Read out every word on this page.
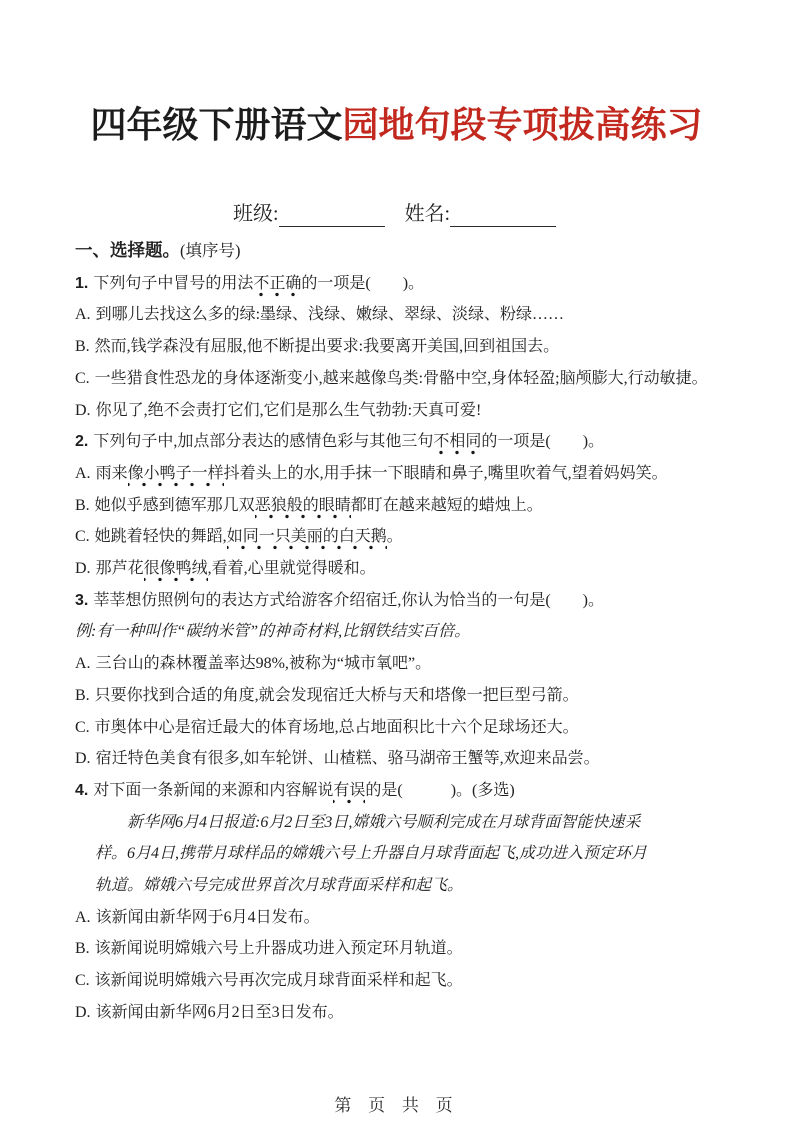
四年级下册语文园地句段专项拔高练习
班级:	姓名:

一、选择题。(填序号)

1. 下列句子中冒号的用法不正确的一项是(　　)。

A. 到哪儿去找这么多的绿:墨绿、浅绿、嫩绿、翠绿、淡绿、粉绿……

B. 然而,钱学森没有屈服,他不断提出要求:我要离开美国,回到祖国去。

C. 一些猎食性恐龙的身体逐渐变小,越来越像鸟类:骨骼中空,身体轻盈;脑颅膨大,行动敏捷。

D. 你见了,绝不会责打它们,它们是那么生气勃勃:天真可爱!

2. 下列句子中,加点部分表达的感情色彩与其他三句不相同的一项是(　　)。

A. 雨来像小鸭子一样抖着头上的水,用手抹一下眼睛和鼻子,嘴里吹着气,望着妈妈笑。

B. 她似乎感到德军那几双恶狼般的眼睛都盯在越来越短的蜡烛上。

C. 她跳着轻快的舞蹈,如同一只美丽的白天鹅。

D. 那芦花很像鸭绒,看着,心里就觉得暖和。

3. 莘莘想仿照例句的表达方式给游客介绍宿迁,你认为恰当的一句是(　　)。

例:有一种叫作“碳纳米管”的神奇材料,比钢铁结实百倍。

A. 三台山的森林覆盖率达98%,被称为“城市氧吧”。

B. 只要你找到合适的角度,就会发现宿迁大桥与天和塔像一把巨型弓箭。

C. 市奥体中心是宿迁最大的体育场地,总占地面积比十六个足球场还大。

D. 宿迁特色美食有很多,如车轮饼、山楂糕、骆马湖帝王蟹等,欢迎来品尝。

4. 对下面一条新闻的来源和内容解说有误的是(　　　)。(多选)

新华网6月4日报道:6月2日至3日,嫦娥六号顺利完成在月球背面智能快速采

样。6月4日,携带月球样品的嫦娥六号上升器自月球背面起飞,成功进入预定环月

轨道。嫦娥六号完成世界首次月球背面采样和起飞。

A. 该新闻由新华网于6月4日发布。

B. 该新闻说明嫦娥六号上升器成功进入预定环月轨道。

C. 该新闻说明嫦娥六号再次完成月球背面采样和起飞。

D. 该新闻由新华网6月2日至3日发布。

第 页 共 页
